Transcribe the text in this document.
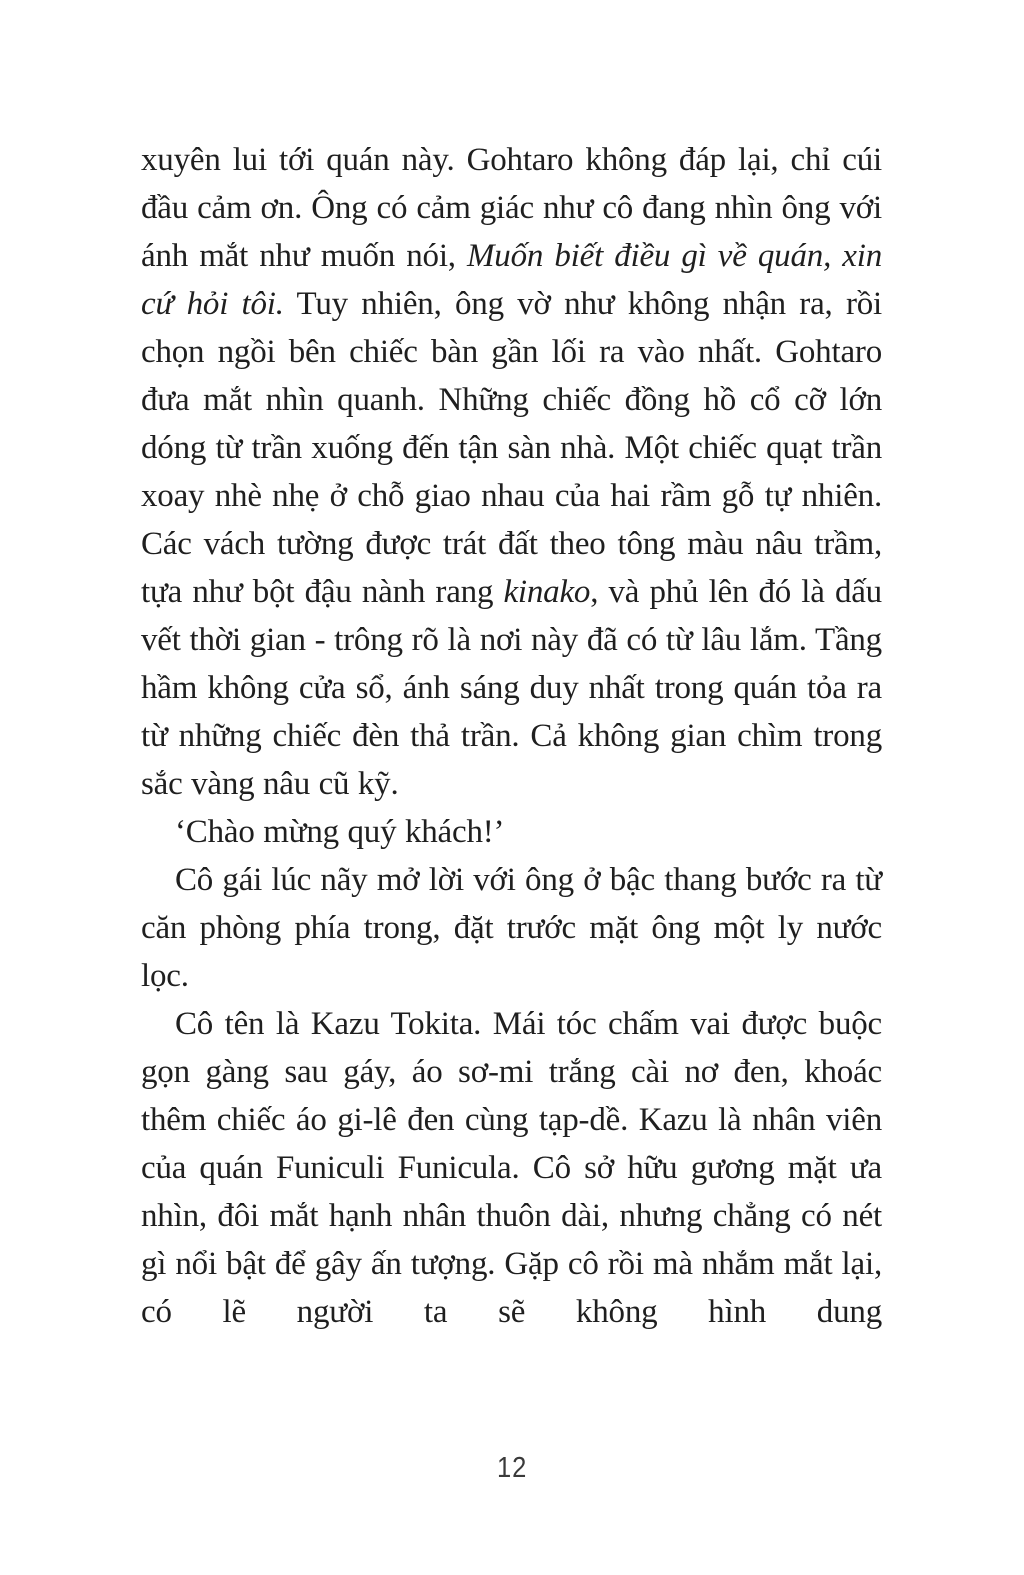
xuyên lui tới quán này. Gohtaro không đáp lại, chỉ cúi đầu cảm ơn. Ông có cảm giác như cô đang nhìn ông với ánh mắt như muốn nói, Muốn biết điều gì về quán, xin cứ hỏi tôi. Tuy nhiên, ông vờ như không nhận ra, rồi chọn ngồi bên chiếc bàn gần lối ra vào nhất. Gohtaro đưa mắt nhìn quanh. Những chiếc đồng hồ cổ cỡ lớn dóng từ trần xuống đến tận sàn nhà. Một chiếc quạt trần xoay nhè nhẹ ở chỗ giao nhau của hai rầm gỗ tự nhiên. Các vách tường được trát đất theo tông màu nâu trầm, tựa như bột đậu nành rang kinako, và phủ lên đó là dấu vết thời gian - trông rõ là nơi này đã có từ lâu lắm. Tầng hầm không cửa sổ, ánh sáng duy nhất trong quán tỏa ra từ những chiếc đèn thả trần. Cả không gian chìm trong sắc vàng nâu cũ kỹ.

‘Chào mừng quý khách!’

Cô gái lúc nãy mở lời với ông ở bậc thang bước ra từ căn phòng phía trong, đặt trước mặt ông một ly nước lọc.

Cô tên là Kazu Tokita. Mái tóc chấm vai được buộc gọn gàng sau gáy, áo sơ-mi trắng cài nơ đen, khoác thêm chiếc áo gi-lê đen cùng tạp-dề. Kazu là nhân viên của quán Funiculi Funicula. Cô sở hữu gương mặt ưa nhìn, đôi mắt hạnh nhân thuôn dài, nhưng chẳng có nét gì nổi bật để gây ấn tượng. Gặp cô rồi mà nhắm mắt lại, có lẽ người ta sẽ không hình dung

12
